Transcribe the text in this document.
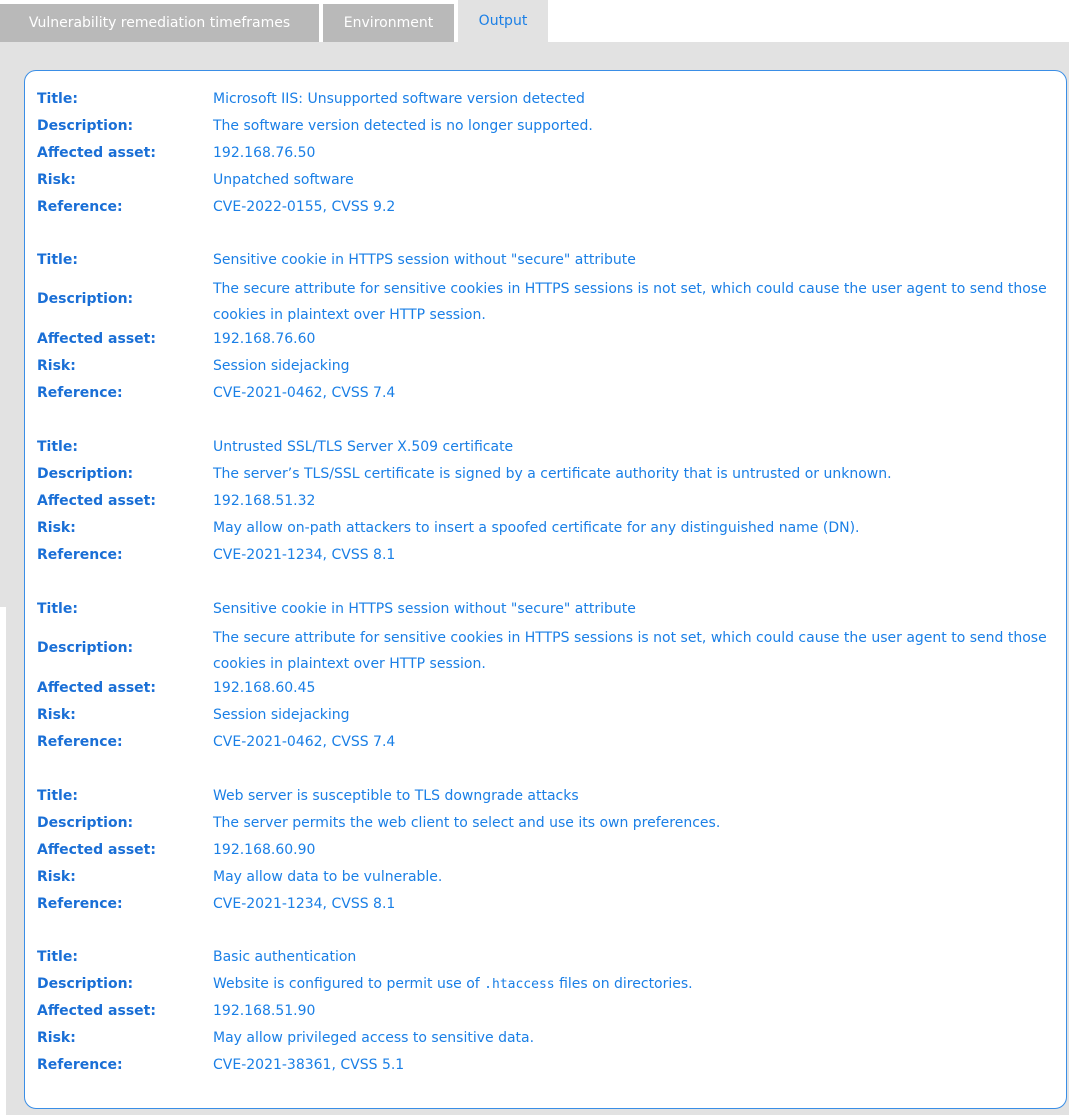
Vulnerability remediation timeframes	Environment	Output
Title:	Microsoft IIS: Unsupported software version detected
Description:	The software version detected is no longer supported.
Affected asset:	192.168.76.50
Risk:	Unpatched software
Reference:	CVE-2022-0155, CVSS 9.2
Title:	Sensitive cookie in HTTPS session without "secure" attribute
Description:
The secure attribute for sensitive cookies in HTTPS sessions is not set, which could cause the user agent to send those cookies in plaintext over HTTP session.
Affected asset:	192.168.76.60
Risk:	Session sidejacking
Reference:	CVE-2021-0462, CVSS 7.4
Title:	Untrusted SSL/TLS Server X.509 certificate
Description:	The server’s TLS/SSL certificate is signed by a certificate authority that is untrusted or unknown.
Affected asset:	192.168.51.32
Risk:	May allow on-path attackers to insert a spoofed certificate for any distinguished name (DN).
Reference:	CVE-2021-1234, CVSS 8.1
Title:	Sensitive cookie in HTTPS session without "secure" attribute
Description:
The secure attribute for sensitive cookies in HTTPS sessions is not set, which could cause the user agent to send those cookies in plaintext over HTTP session.
Affected asset:	192.168.60.45
Risk:	Session sidejacking
Reference:	CVE-2021-0462, CVSS 7.4
Title:	Web server is susceptible to TLS downgrade attacks
Description:	The server permits the web client to select and use its own preferences.
Affected asset:	192.168.60.90
Risk:	May allow data to be vulnerable.
Reference:	CVE-2021-1234, CVSS 8.1
Title:	Basic authentication
Description:	Website is configured to permit use of .htaccess files on directories.
Affected asset:	192.168.51.90
Risk:	May allow privileged access to sensitive data.
Reference:	CVE-2021-38361, CVSS 5.1
